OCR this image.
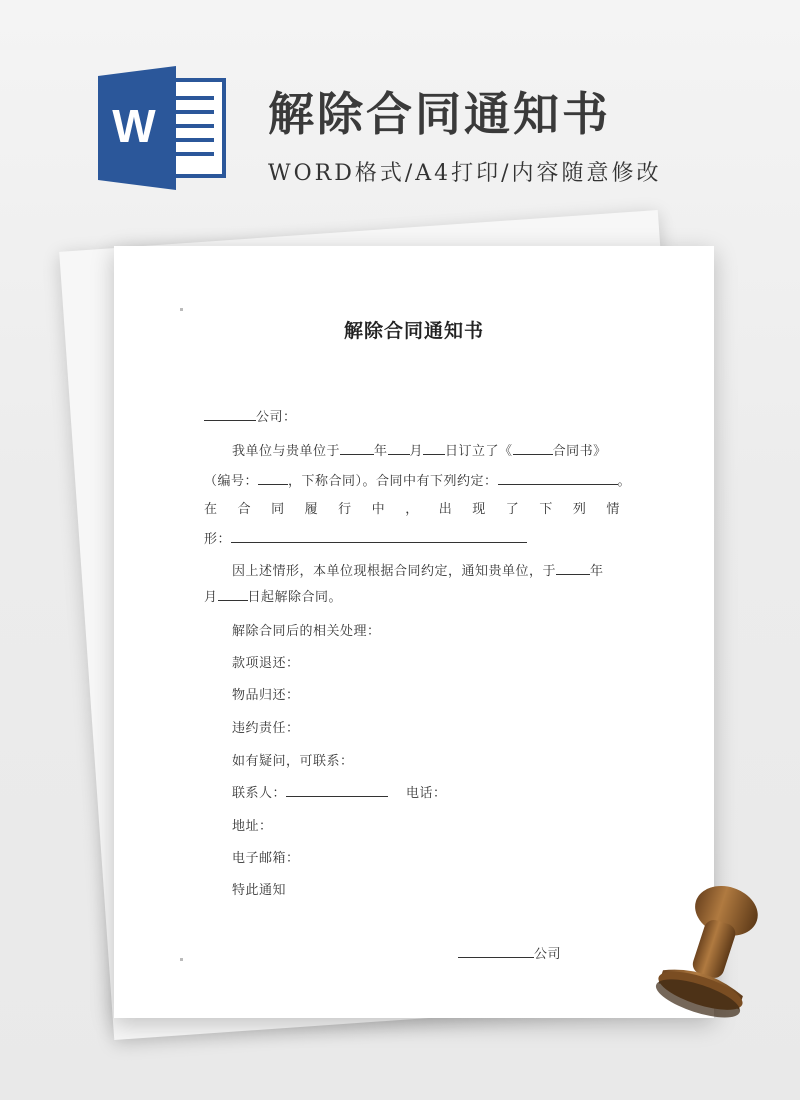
W 解除合同通知书
WORD格式/A4打印/内容随意修改
解除合同通知书
公司：
我单位与贵单位于	年 月 日订立了《	合同书》
（编号： ，下称合同）。合同中有下列约定：	。
在 合 同 履 行 中 ， 出 现 了 下 列 情
形：
因上述情形，本单位现根据合同约定，通知贵单位，于	年
月 日起解除合同。
解除合同后的相关处理：
款项退还：
物品归还：
违约责任：
如有疑问，可联系：
联系人：	电话：
地址：
电子邮箱：
特此通知
公司
